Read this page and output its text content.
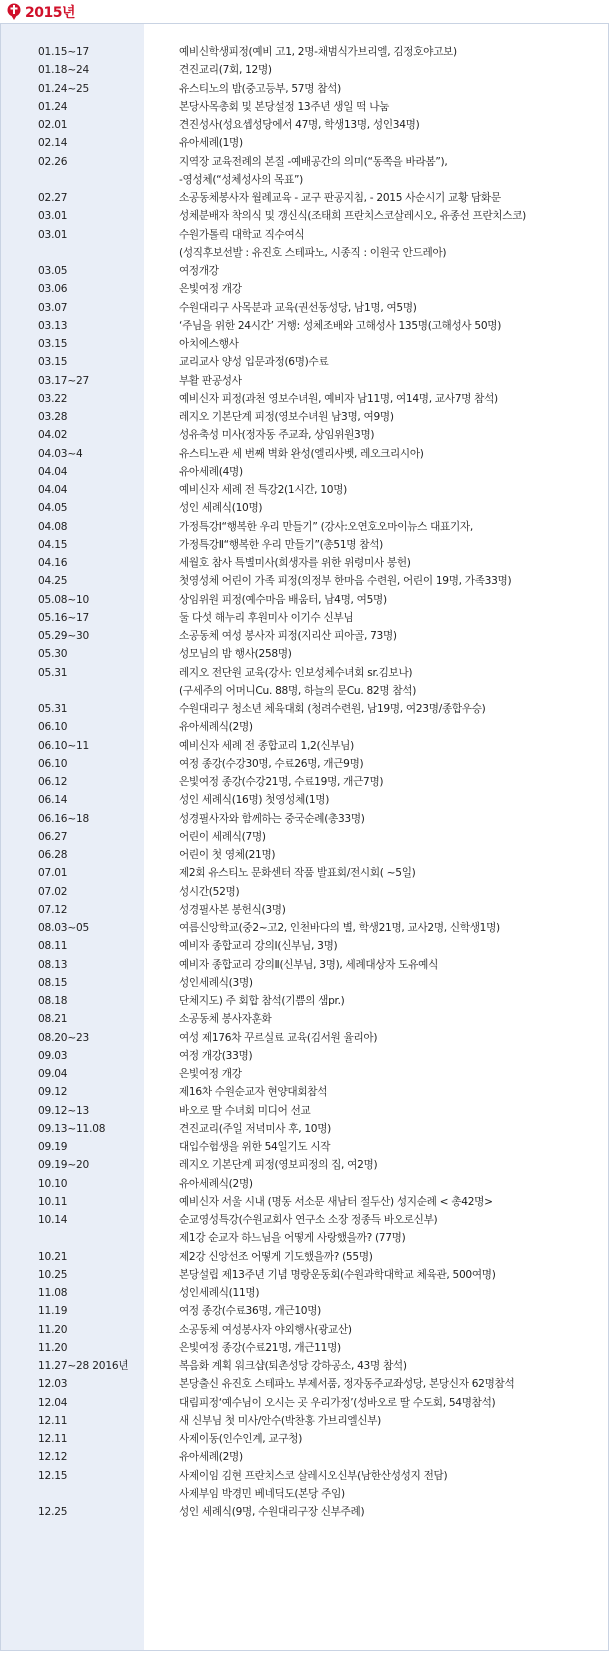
2015년
01.15~17	예비신학생피정(예비 고1, 2명-채범식가브리엘, 김정호야고보)
01.18~24	견진교리(7회, 12명)
01.24~25	유스티노의 밤(중고등부, 57명 참석)
01.24	본당사목총회 및 본당설정 13주년 생일 떡 나눔
02.01	견진성사(성요셉성당에서 47명, 학생13명, 성인34명)
02.14	유아세례(1명)
02.26	지역장 교육전례의 본질 -예배공간의 의미(“동쪽을 바라봄”),
-영성체(“성체성사의 목표”)
02.27	소공동체봉사자 월례교육 - 교구 판공지침, - 2015 사순시기 교황 담화문
03.01	성체분배자 착의식 및 갱신식(조태희 프란치스코살레시오, 유종선 프란치스코)
03.01	수원가톨릭 대학교 직수여식
(성직후보선발 : 유진호 스테파노, 시종직 : 이원국 안드레아)
03.05	여정개강
03.06	은빛여정 개강
03.07	수원대리구 사목분과 교육(권선동성당, 남1명, 여5명)
03.13	‘주님을 위한 24시간’ 거행: 성체조배와 고해성사 135명(고해성사 50명)
03.15	아치에스행사
03.15	교리교사 양성 입문과정(6명)수료
03.17~27	부활 판공성사
03.22	예비신자 피정(과천 영보수녀원, 예비자 남11명, 여14명, 교사7명 참석)
03.28	레지오 기본단계 피정(영보수녀원 남3명, 여9명)
04.02	성유축성 미사(정자동 주교좌, 상임위원3명)
04.03~4	유스티노관 세 번째 벽화 완성(엘리사벳, 레오크리시아)
04.04	유아세례(4명)
04.04	예비신자 세례 전 특강2(1시간, 10명)
04.05	성인 세례식(10명)
04.08	가정특강Ⅰ“행복한 우리 만들기” (강사:오연호오마이뉴스 대표기자,
04.15	가정특강Ⅱ“행복한 우리 만들기”(총51명 참석)
04.16	세월호 참사 특별미사(희생자를 위한 위령미사 봉헌)
04.25	첫영성체 어린이 가족 피정(의정부 한마음 수련원, 어린이 19명, 가족33명)
05.08~10	상임위원 피정(예수마음 배움터, 남4명, 여5명)
05.16~17	둘 다섯 해누리 후원미사 이기수 신부님
05.29~30	소공동체 여성 봉사자 피정(지리산 피아골, 73명)
05.30	성모님의 밤 행사(258명)
05.31	레지오 전단원 교육(강사: 인보성체수녀회 sr.김보나)
(구세주의 어머니Cu. 88명, 하늘의 문Cu. 82명 참석)
05.31	수원대리구 청소년 체육대회 (청려수련원, 남19명, 여23명/종합우승)
06.10	유아세례식(2명)
06.10~11	예비신자 세례 전 종합교리 1,2(신부님)
06.10	여정 종강(수강30명, 수료26명, 개근9명)
06.12	은빛여정 종강(수강21명, 수료19명, 개근7명)
06.14	성인 세례식(16명) 첫영성체(1명)
06.16~18	성경필사자와 함께하는 중국순례(총33명)
06.27	어린이 세례식(7명)
06.28	어린이 첫 영체(21명)
07.01	제2회 유스티노 문화센터 작품 발표회/전시회( ~5일)
07.02	성시간(52명)
07.12	성경필사본 봉헌식(3명)
08.03~05	여름신앙학교(중2~고2, 인천바다의 별, 학생21명, 교사2명, 신학생1명)
08.11	예비자 종합교리 강의Ⅰ(신부님, 3명)
08.13	예비자 종합교리 강의Ⅱ(신부님, 3명), 세례대상자 도유예식
08.15	성인세례식(3명)
08.18	단체지도) 주 회합 참석(기쁨의 샘pr.)
08.21	소공동체 봉사자훈화
08.20~23	여성 제176차 꾸르실료 교육(김서원 율리아)
09.03	여정 개강(33명)
09.04	은빛여정 개강
09.12	제16차 수원순교자 현양대회참석
09.12~13	바오로 딸 수녀회 미디어 선교
09.13~11.08	견진교리(주일 저녁미사 후, 10명)
09.19	대입수험생을 위한 54일기도 시작
09.19~20	레지오 기본단계 피정(영보피정의 집, 여2명)
10.10	유아세례식(2명)
10.11	예비신자 서울 시내 (명동 서소문 새남터 절두산) 성지순례 < 총42명>
10.14	순교영성특강(수원교회사 연구소 소장 정종득 바오로신부)
제1강 순교자 하느님을 어떻게 사랑했을까? (77명)
10.21	제2강 신앙선조 어떻게 기도했을까? (55명)
10.25	본당설립 제13주년 기념 명랑운동회(수원과학대학교 체육관, 500여명)
11.08	성인세례식(11명)
11.19	여정 종강(수료36명, 개근10명)
11.20	소공동체 여성봉사자 야외행사(광교산)
11.20	은빛여정 종강(수료21명, 개근11명)
11.27~28 2016년	복음화 계획 워크샵(퇴촌성당 강하공소, 43명 참석)
12.03	본당출신 유진호 스테파노 부제서품, 정자동주교좌성당, 본당신자 62명참석
12.04	대림피정‘예수님이 오시는 곳 우리가정’(성바오로 딸 수도회, 54명참석)
12.11	새 신부님 첫 미사/안수(박찬홍 가브리엘신부)
12.11	사제이동(인수인계, 교구청)
12.12	유아세례(2명)
12.15	사제이임 김현 프란치스코 살레시오신부(남한산성성지 전담)
사제부임 박경민 베네딕도(본당 주임)
12.25	성인 세례식(9명, 수원대리구장 신부주례)
